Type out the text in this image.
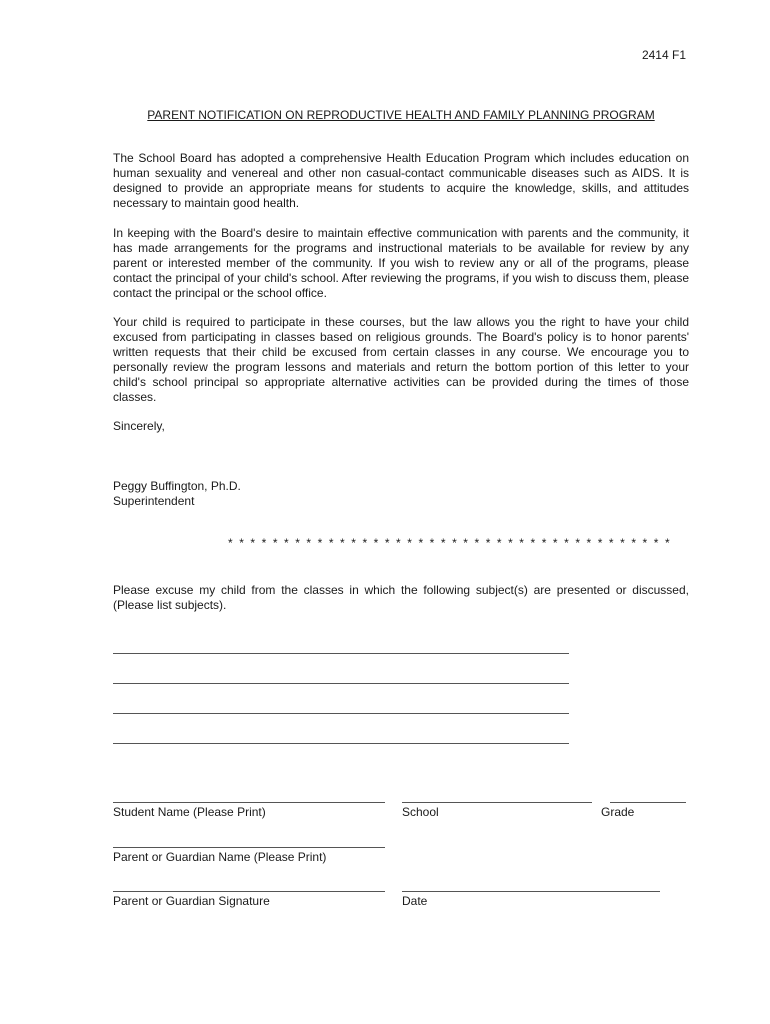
2414 F1
PARENT NOTIFICATION ON REPRODUCTIVE HEALTH AND FAMILY PLANNING PROGRAM

The School Board has adopted a comprehensive Health Education Program which includes education on human sexuality and venereal and other non casual-contact communicable diseases such as AIDS. It is designed to provide an appropriate means for students to acquire the knowledge, skills, and attitudes necessary to maintain good health.

In keeping with the Board's desire to maintain effective communication with parents and the community, it has made arrangements for the programs and instructional materials to be available for review by any parent or interested member of the community. If you wish to review any or all of the programs, please contact the principal of your child's school. After reviewing the programs, if you wish to discuss them, please contact the principal or the school office.

Your child is required to participate in these courses, but the law allows you the right to have your child excused from participating in classes based on religious grounds. The Board's policy is to honor parents' written requests that their child be excused from certain classes in any course. We encourage you to personally review the program lessons and materials and return the bottom portion of this letter to your child's school principal so appropriate alternative activities can be provided during the times of those classes.

Sincerely,

Peggy Buffington, Ph.D.
Superintendent
* * * * * * * * * * * * * * * * * * * * * * * * * * * * * * * * * * * * * * * *

Please excuse my child from the classes in which the following subject(s) are presented or discussed, (Please list subjects).

Student Name (Please Print)	School	Grade
Parent or Guardian Name (Please Print)
Parent or Guardian Signature	Date
